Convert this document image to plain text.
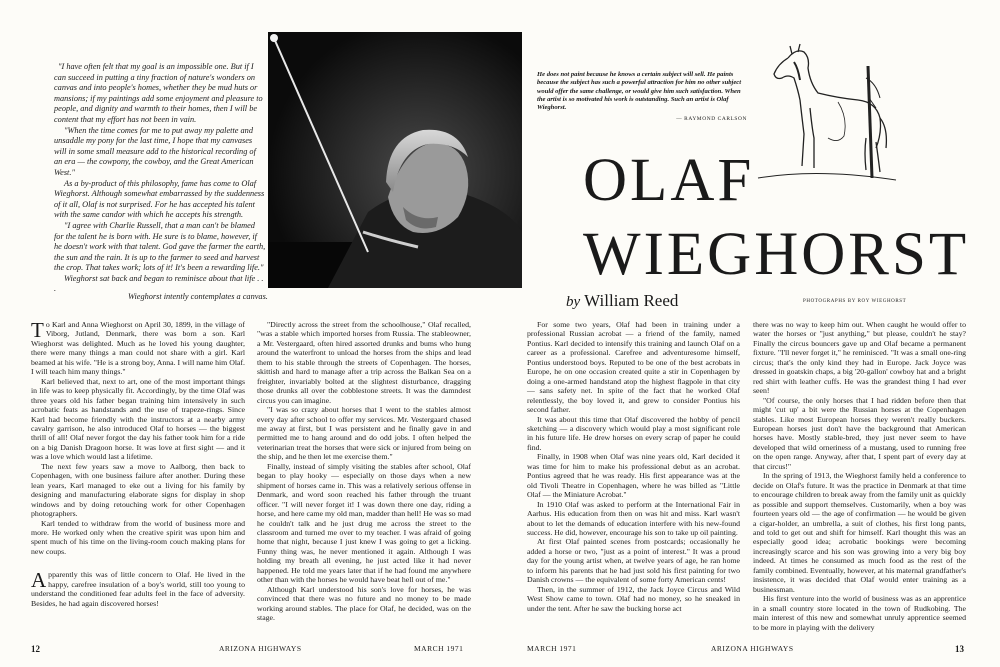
"I have often felt that my goal is an impossible one. But if I can succeed in putting a tiny fraction of nature's wonders on canvas and into people's homes, whether they be mud huts or mansions; if my paintings add some enjoyment and pleasure to people, and dignity and warmth to their homes, then I will be content that my effort has not been in vain.

"When the time comes for me to put away my palette and unsaddle my pony for the last time, I hope that my canvases will in some small measure add to the historical recording of an era — the cowpony, the cowboy, and the Great American West."

As a by-product of this philosophy, fame has come to Olaf Wieghorst. Although somewhat embarrassed by the suddenness of it all, Olaf is not surprised. For he has accepted his talent with the same candor with which he accepts his strength.

"I agree with Charlie Russell, that a man can't be blamed for the talent he is born with. He sure is to blame, however, if he doesn't work with that talent. God gave the farmer the earth, the sun and the rain. It is up to the farmer to seed and harvest the crop. That takes work; lots of it! It's been a rewarding life."

Wieghorst sat back and began to reminisce about that life . . .

Wieghorst intently contemplates a canvas.
He does not paint because he knows a certain subject will sell. He paints because the subject has such a powerful attraction for him no other subject would offer the same challenge, or would give him such satisfaction. When the artist is so motivated his work is outstanding. Such an artist is Olaf Wieghorst.
— RAYMOND CARLSON
OLAF
WIEGHORST
by William Reed	PHOTOGRAPHS BY ROY WIEGHORST

To Karl and Anna Wieghorst on April 30, 1899, in the village of Viborg, Jutland, Denmark, there was born a son. Karl Wieghorst was delighted. Much as he loved his young daughter, there were many things a man could not share with a girl. Karl beamed at his wife. "He is a strong boy, Anna. I will name him Olaf. I will teach him many things."

Karl believed that, next to art, one of the most important things in life was to keep physically fit. Accordingly, by the time Olaf was three years old his father began training him intensively in such acrobatic feats as handstands and the use of trapeze-rings. Since Karl had become friendly with the instructors at a nearby army cavalry garrison, he also introduced Olaf to horses — the biggest thrill of all! Olaf never forgot the day his father took him for a ride on a big Danish Dragoon horse. It was love at first sight — and it was a love which would last a lifetime.

The next few years saw a move to Aalborg, then back to Copenhagen, with one business failure after another. During these lean years, Karl managed to eke out a living for his family by designing and manufacturing elaborate signs for display in shop windows and by doing retouching work for other Copenhagen photographers.

Karl tended to withdraw from the world of business more and more. He worked only when the creative spirit was upon him and spent much of his time on the living-room couch making plans for new coups.

Apparently this was of little concern to Olaf. He lived in the happy, carefree insulation of a boy's world, still too young to understand the conditioned fear adults feel in the face of adversity. Besides, he had again discovered horses!

"Directly across the street from the schoolhouse," Olaf recalled, "was a stable which imported horses from Russia. The stableowner, a Mr. Vestergaard, often hired assorted drunks and bums who hung around the waterfront to unload the horses from the ships and lead them to his stable through the streets of Copenhagen. The horses, skittish and hard to manage after a trip across the Balkan Sea on a freighter, invariably bolted at the slightest disturbance, dragging those drunks all over the cobblestone streets. It was the damndest circus you can imagine.

"I was so crazy about horses that I went to the stables almost every day after school to offer my services. Mr. Vestergaard chased me away at first, but I was persistent and he finally gave in and permitted me to hang around and do odd jobs. I often helped the veterinarian treat the horses that were sick or injured from being on the ship, and he then let me exercise them."

Finally, instead of simply visiting the stables after school, Olaf began to play hooky — especially on those days when a new shipment of horses came in. This was a relatively serious offense in Denmark, and word soon reached his father through the truant officer. "I will never forget it! I was down there one day, riding a horse, and here came my old man, madder than hell! He was so mad he couldn't talk and he just drug me across the street to the classroom and turned me over to my teacher. I was afraid of going home that night, because I just knew I was going to get a licking. Funny thing was, he never mentioned it again. Although I was holding my breath all evening, he just acted like it had never happened. He told me years later that if he had found me anywhere other than with the horses he would have beat hell out of me."

Although Karl understood his son's love for horses, he was convinced that there was no future and no money to be made working around stables. The place for Olaf, he decided, was on the stage.

For some two years, Olaf had been in training under a professional Russian acrobat — a friend of the family, named Pontius. Karl decided to intensify this training and launch Olaf on a career as a professional. Carefree and adventuresome himself, Pontius understood boys. Reputed to be one of the best acrobats in Europe, he on one occasion created quite a stir in Copenhagen by doing a one-armed handstand atop the highest flagpole in that city — sans safety net. In spite of the fact that he worked Olaf relentlessly, the boy loved it, and grew to consider Pontius his second father.

It was about this time that Olaf discovered the hobby of pencil sketching — a discovery which would play a most significant role in his future life. He drew horses on every scrap of paper he could find.

Finally, in 1908 when Olaf was nine years old, Karl decided it was time for him to make his professional debut as an acrobat. Pontius agreed that he was ready. His first appearance was at the old Tivoli Theatre in Copenhagen, where he was billed as "Little Olaf — the Miniature Acrobat."

In 1910 Olaf was asked to perform at the International Fair in Aarhus. His education from then on was hit and miss. Karl wasn't about to let the demands of education interfere with his new-found success. He did, however, encourage his son to take up oil painting.

At first Olaf painted scenes from postcards; occasionally he added a horse or two, "just as a point of interest." It was a proud day for the young artist when, at twelve years of age, he ran home to inform his parents that he had just sold his first painting for two Danish crowns — the equivalent of some forty American cents!

Then, in the summer of 1912, the Jack Joyce Circus and Wild West Show came to town. Olaf had no money, so he sneaked in under the tent. After he saw the bucking horse act

there was no way to keep him out. When caught he would offer to water the horses or "just anything," but please, couldn't he stay? Finally the circus bouncers gave up and Olaf became a permanent fixture. "I'll never forget it," he reminisced. "It was a small one-ring circus; that's the only kind they had in Europe. Jack Joyce was dressed in goatskin chaps, a big '20-gallon' cowboy hat and a bright red shirt with leather cuffs. He was the grandest thing I had ever seen!

"Of course, the only horses that I had ridden before then that might 'cut up' a bit were the Russian horses at the Copenhagen stables. Like most European horses they weren't really buckers. European horses just don't have the background that American horses have. Mostly stable-bred, they just never seem to have developed that wild orneriness of a mustang, used to running free on the open range. Anyway, after that, I spent part of every day at that circus!"

In the spring of 1913, the Wieghorst family held a conference to decide on Olaf's future. It was the practice in Denmark at that time to encourage children to break away from the family unit as quickly as possible and support themselves. Customarily, when a boy was fourteen years old — the age of confirmation — he would be given a cigar-holder, an umbrella, a suit of clothes, his first long pants, and told to get out and shift for himself. Karl thought this was an especially good idea; acrobatic bookings were becoming increasingly scarce and his son was growing into a very big boy indeed. At times he consumed as much food as the rest of the family combined. Eventually, however, at his maternal grandfather's insistence, it was decided that Olaf would enter training as a businessman.

His first venture into the world of business was as an apprentice in a small country store located in the town of Rudkobing. The main interest of this new and somewhat unruly apprentice seemed to be more in playing with the delivery

12	ARIZONA HIGHWAYS	MARCH 1971	MARCH 1971	ARIZONA HIGHWAYS	13
